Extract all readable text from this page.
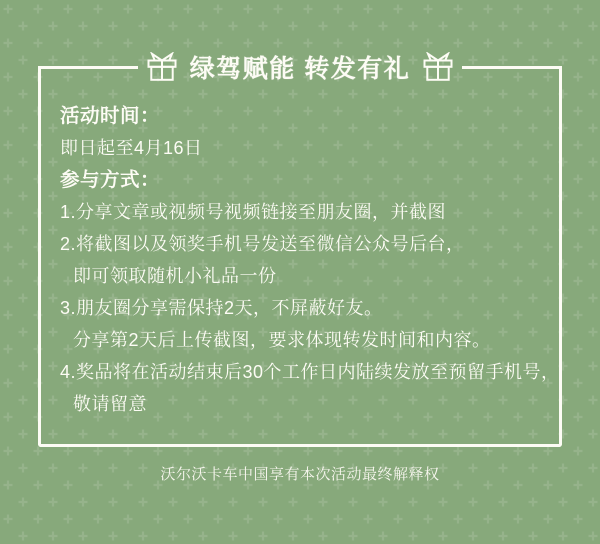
绿驾赋能 转发有礼
活动时间：
即日起至4月16日
参与方式：
1.分享文章或视频号视频链接至朋友圈，并截图
2.将截图以及领奖手机号发送至微信公众号后台，
即可领取随机小礼品一份
3.朋友圈分享需保持2天，不屏蔽好友。
分享第2天后上传截图，要求体现转发时间和内容。
4.奖品将在活动结束后30个工作日内陆续发放至预留手机号，
敬请留意
沃尔沃卡车中国享有本次活动最终解释权
